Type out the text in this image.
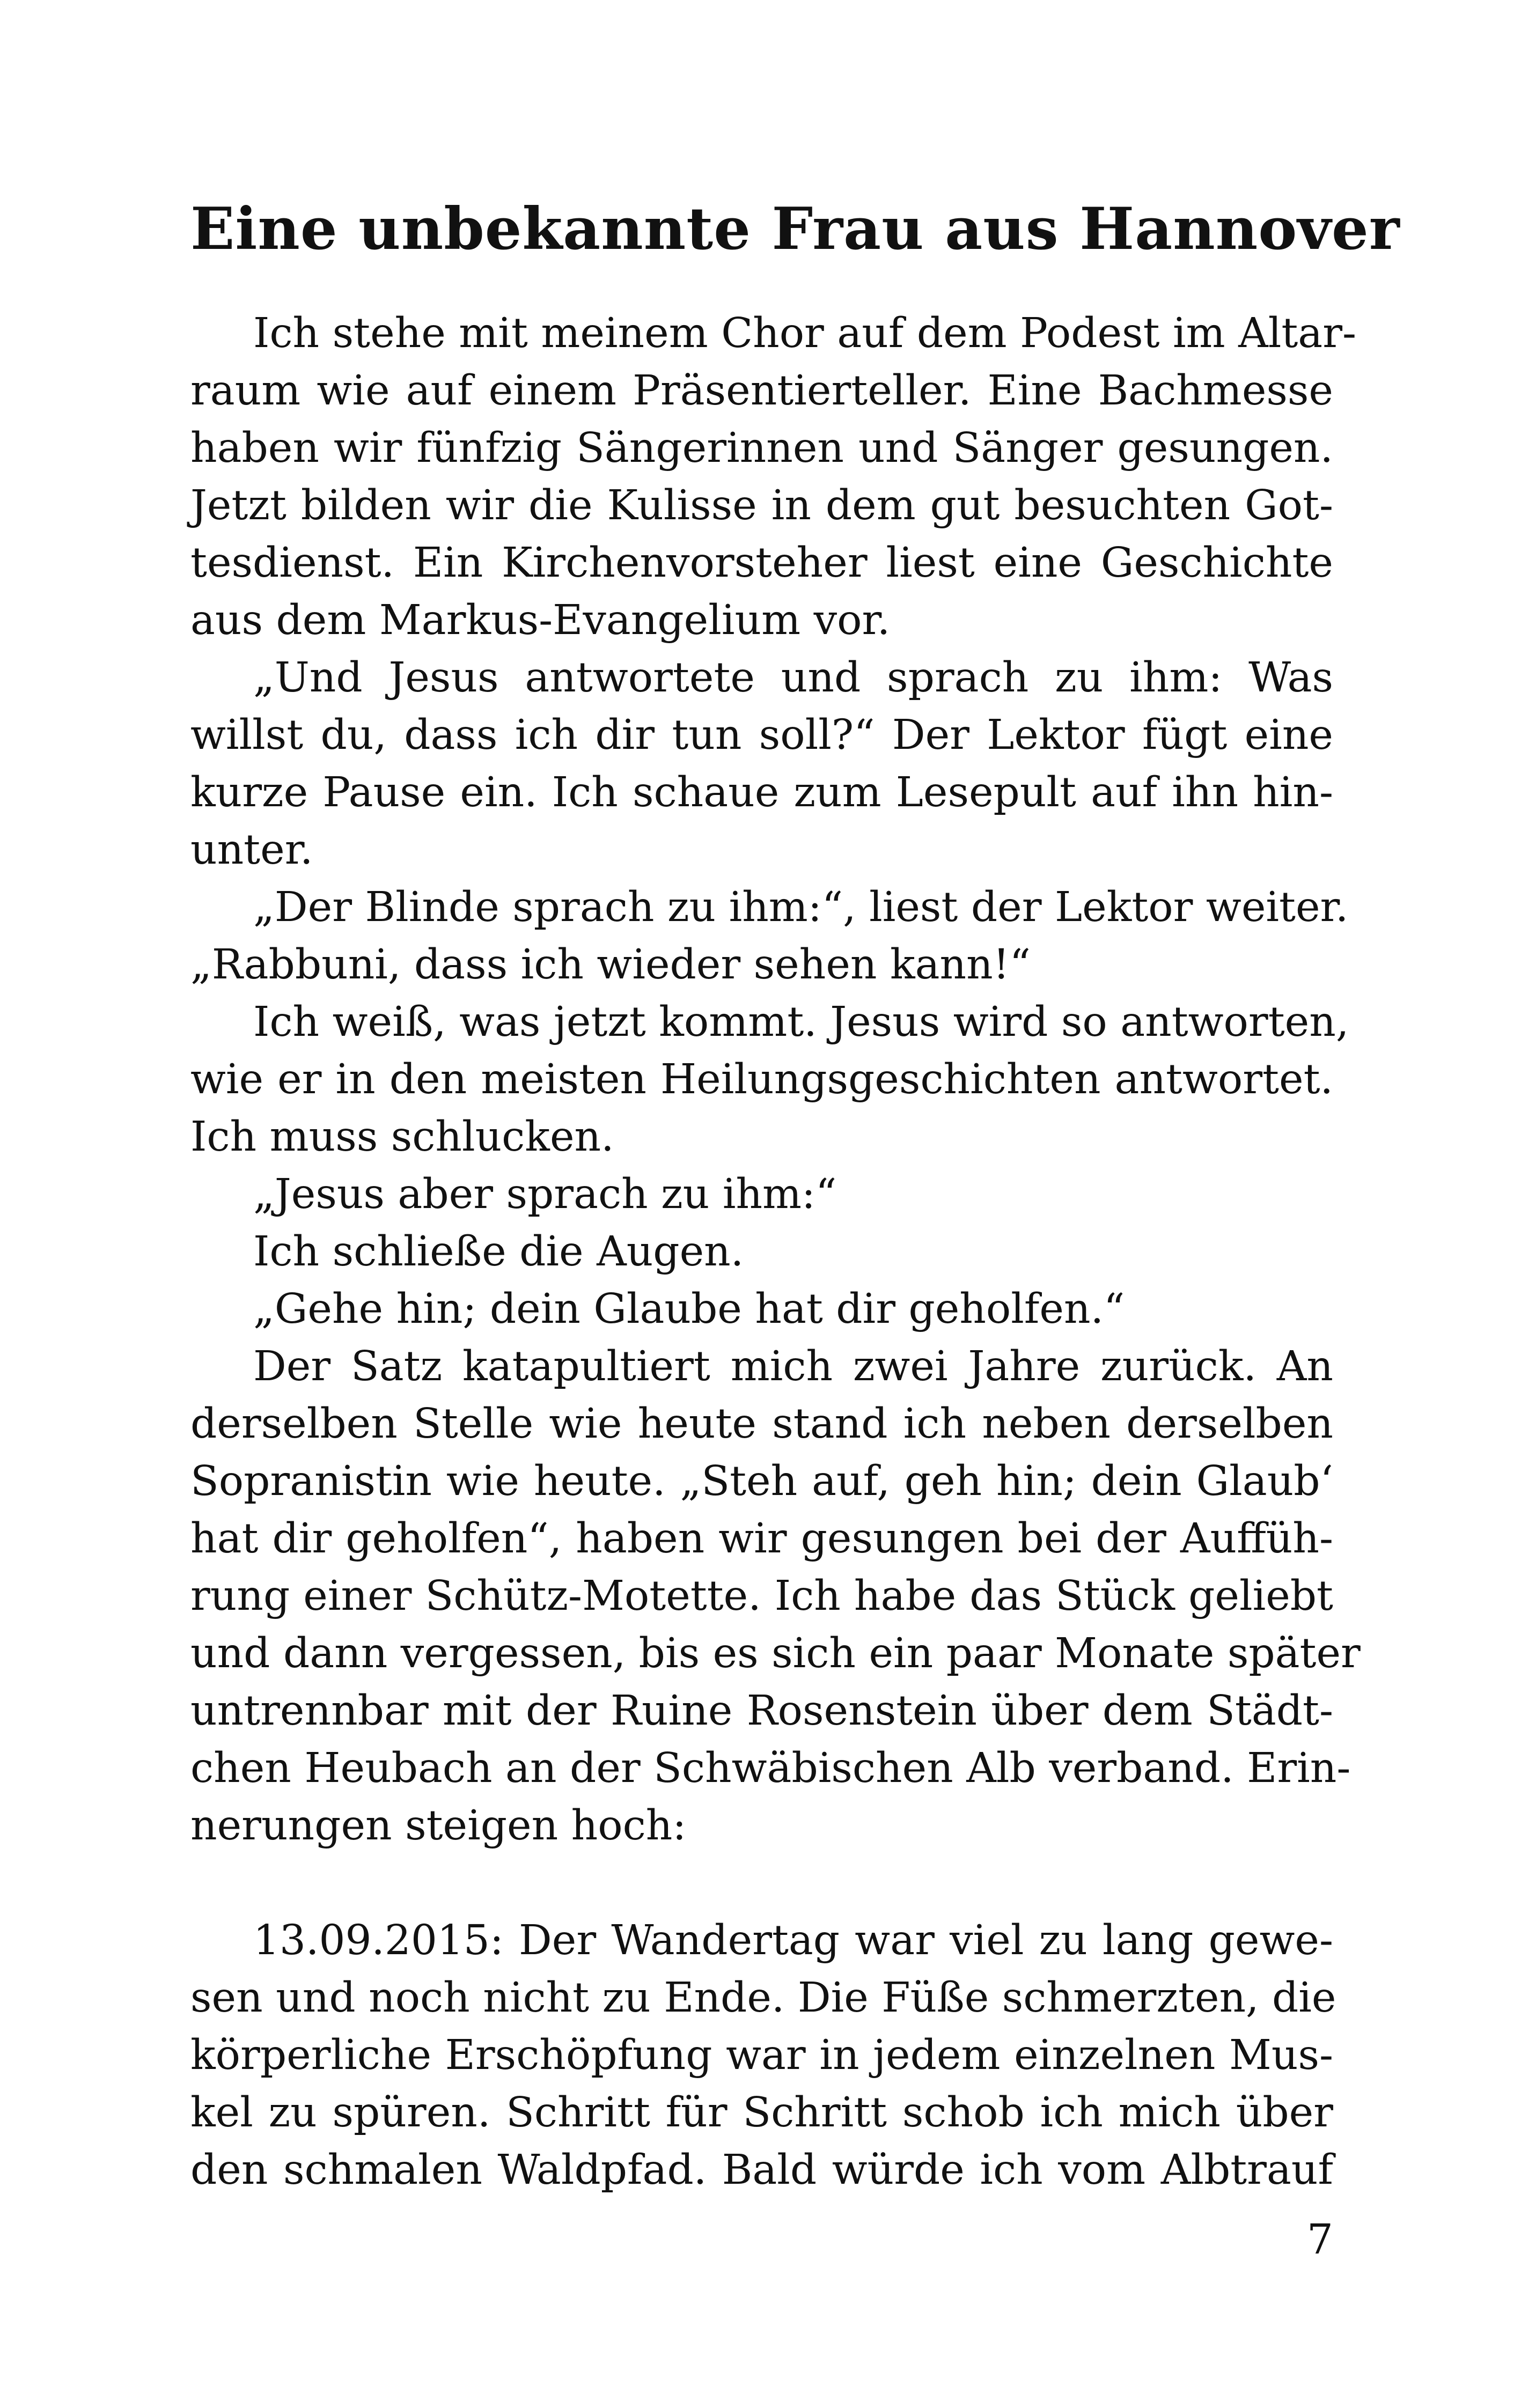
Eine unbekannte Frau aus Hannover
Ich stehe mit meinem Chor auf dem Podest im Altar-
raum wie auf einem Präsentierteller. Eine Bachmesse
haben wir fünfzig Sängerinnen und Sänger gesungen.
Jetzt bilden wir die Kulisse in dem gut besuchten Got-
tesdienst. Ein Kirchenvorsteher liest eine Geschichte
aus dem Markus-Evangelium vor.
„Und Jesus antwortete und sprach zu ihm: Was
willst du, dass ich dir tun soll?“ Der Lektor fügt eine
kurze Pause ein. Ich schaue zum Lesepult auf ihn hin-
unter.
„Der Blinde sprach zu ihm:“, liest der Lektor weiter.
„Rabbuni, dass ich wieder sehen kann!“
Ich weiß, was jetzt kommt. Jesus wird so antworten,
wie er in den meisten Heilungsgeschichten antwortet.
Ich muss schlucken.
„Jesus aber sprach zu ihm:“
Ich schließe die Augen.
„Gehe hin; dein Glaube hat dir geholfen.“
Der Satz katapultiert mich zwei Jahre zurück. An
derselben Stelle wie heute stand ich neben derselben
Sopranistin wie heute. „Steh auf, geh hin; dein Glaub‘
hat dir geholfen“, haben wir gesungen bei der Auffüh-
rung einer Schütz-Motette. Ich habe das Stück geliebt
und dann vergessen, bis es sich ein paar Monate später
untrennbar mit der Ruine Rosenstein über dem Städt-
chen Heubach an der Schwäbischen Alb verband. Erin-
nerungen steigen hoch:
13.09.2015: Der Wandertag war viel zu lang gewe-
sen und noch nicht zu Ende. Die Füße schmerzten, die
körperliche Erschöpfung war in jedem einzelnen Mus-
kel zu spüren. Schritt für Schritt schob ich mich über
den schmalen Waldpfad. Bald würde ich vom Albtrauf
7
